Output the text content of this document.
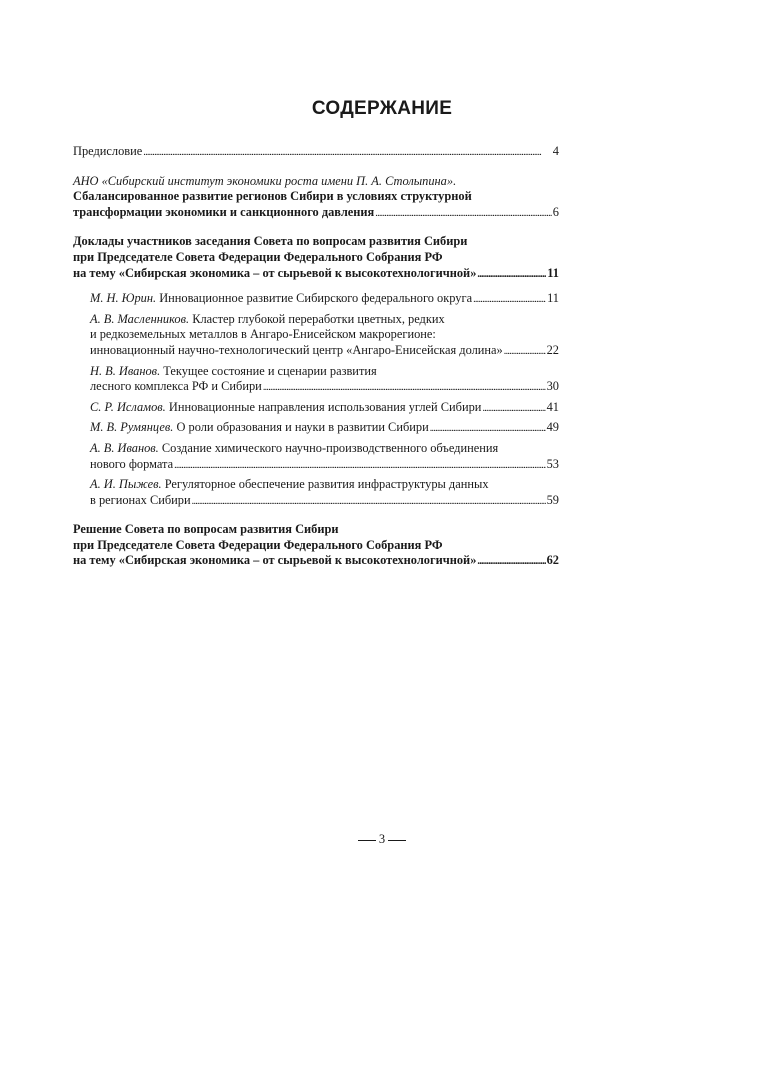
СОДЕРЖАНИЕ
Предисловие . . .	4
АНО «Сибирский институт экономики роста имени П. А. Столыпина».
Сбалансированное развитие регионов Сибири в условиях структурной
трансформации экономики и санкционного давления . . .	6
Доклады участников заседания Совета по вопросам развития Сибири
при Председателе Совета Федерации Федерального Собрания РФ
на тему «Сибирская экономика – от сырьевой к высокотехнологичной» . . .	11
М. Н. Юрин. Инновационное развитие Сибирского федерального округа . . .	11
А. В. Масленников. Кластер глубокой переработки цветных, редких
и редкоземельных металлов в Ангаро-Енисейском макрорегионе:
инновационный научно-технологический центр «Ангаро-Енисейская долина» . . .	22
Н. В. Иванов. Текущее состояние и сценарии развития
лесного комплекса РФ и Сибири . . .	30
С. Р. Исламов. Инновационные направления использования углей Сибири . . .	41
М. В. Румянцев. О роли образования и науки в развитии Сибири . . .	49
А. В. Иванов. Создание химического научно-производственного объединения
нового формата . . .	53
А. И. Пыжев. Регуляторное обеспечение развития инфраструктуры данных
в регионах Сибири . . .	59
Решение Совета по вопросам развития Сибири
при Председателе Совета Федерации Федерального Собрания РФ
на тему «Сибирская экономика – от сырьевой к высокотехнологичной» . . .	62
3
